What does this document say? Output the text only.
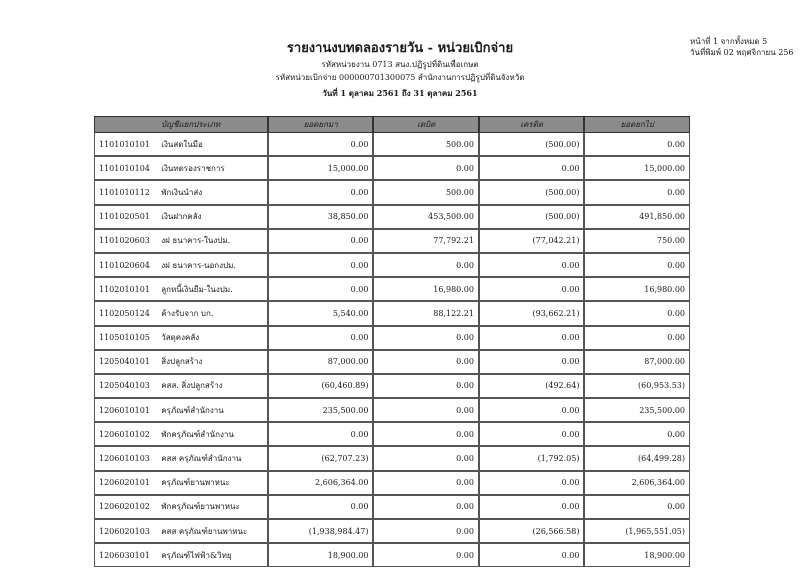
รายงานงบทดลองรายวัน - หน่วยเบิกจ่าย
รหัสหน่วยงาน 0713 สนง.ปฏิรูปที่ดินเพื่อเกษต
รหัสหน่วยเบิกจ่าย 000000701300075 สำนักงานการปฏิรูปที่ดินจังหวัด
วันที่ 1 ตุลาคม 2561 ถึง 31 ตุลาคม 2561
หน้าที่ 1 จากทั้งหมด 5
วันที่พิมพ์ 02 พฤศจิกายน 256
	บัญชีแยกประเภท	ยอดยกมา	เดบิต	เครดิต	ยอดยกไป
1101010101	เงินสดในมือ	0.00	500.00	(500.00)	0.00
1101010104	เงินทดรองราชการ	15,000.00	0.00	0.00	15,000.00
1101010112	พักเงินนำส่ง	0.00	500.00	(500.00)	0.00
1101020501	เงินฝากคลัง	38,850.00	453,500.00	(500.00)	491,850.00
1101020603	งฝ ธนาคาร-ในงปม.	0.00	77,792.21	(77,042.21)	750.00
1101020604	งฝ ธนาคาร-นอกงปม.	0.00	0.00	0.00	0.00
1102010101	ลูกหนี้เงินยืม-ในงปม.	0.00	16,980.00	0.00	16,980.00
1102050124	ค้างรับจาก บก.	5,540.00	88,122.21	(93,662.21)	0.00
1105010105	วัสดุคงคลัง	0.00	0.00	0.00	0.00
1205040101	สิ่งปลูกสร้าง	87,000.00	0.00	0.00	87,000.00
1205040103	คสส. สิ่งปลูกสร้าง	(60,460.89)	0.00	(492.64)	(60,953.53)
1206010101	ครุภัณฑ์สำนักงาน	235,500.00	0.00	0.00	235,500.00
1206010102	พักครุภัณฑ์สำนักงาน	0.00	0.00	0.00	0.00
1206010103	คสส ครุภัณฑ์สำนักงาน	(62,707.23)	0.00	(1,792.05)	(64,499.28)
1206020101	ครุภัณฑ์ยานพาหนะ	2,606,364.00	0.00	0.00	2,606,364.00
1206020102	พักครุภัณฑ์ยานพาหนะ	0.00	0.00	0.00	0.00
1206020103	คสส ครุภัณฑ์ยานพาหนะ	(1,938,984.47)	0.00	(26,566.58)	(1,965,551.05)
1206030101	ครุภัณฑ์ไฟฟ้า&วิทยุ	18,900.00	0.00	0.00	18,900.00
